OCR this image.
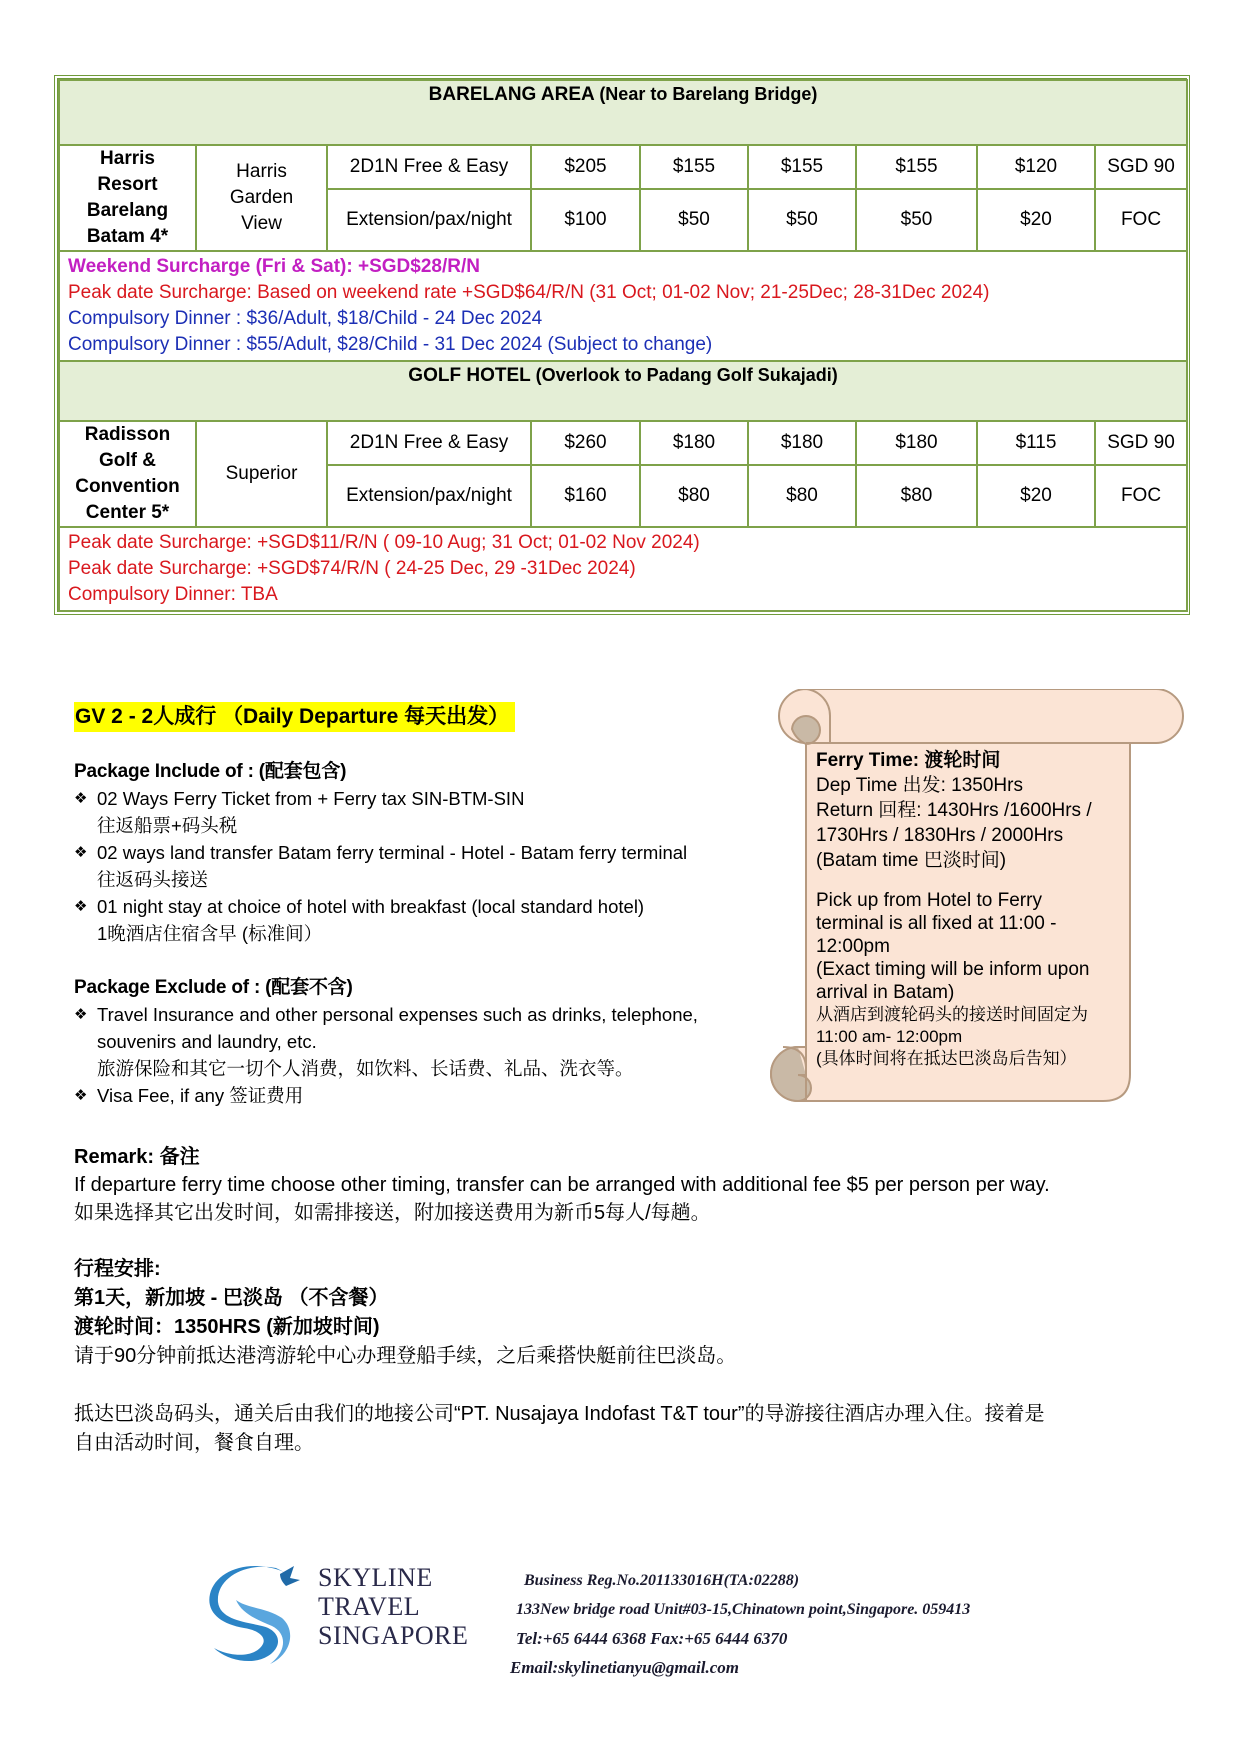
BARELANG AREA (Near to Barelang Bridge)								
Harris
Resort
Barelang
Batam 4*	Harris
Garden
View	2D1N Free & Easy	$205	$155	$155	$155	$120	SGD 90
		Extension/pax/night	$100	$50	$50	$50	$20	FOC

Weekend Surcharge (Fri & Sat): +SGD$28/R/N
Peak date Surcharge: Based on weekend rate +SGD$64/R/N (31 Oct; 01-02 Nov; 21-25Dec; 28-31Dec 2024)
Compulsory Dinner : $36/Adult, $18/Child - 24 Dec 2024
Compulsory Dinner : $55/Adult, $28/Child - 31 Dec 2024 (Subject to change)								

GOLF HOTEL (Overlook to Padang Golf Sukajadi)								
Radisson
Golf &
Convention
Center 5*	Superior	2D1N Free & Easy	$260	$180	$180	$180	$115	SGD 90
		Extension/pax/night	$160	$80	$80	$80	$20	FOC

Peak date Surcharge: +SGD$11/R/N ( 09-10 Aug; 31 Oct; 01-02 Nov 2024)
Peak date Surcharge: +SGD$74/R/N ( 24-25 Dec, 29 -31Dec 2024)
Compulsory Dinner: TBA								
GV 2 - 2人成行 （Daily Departure 每天出发）
Package Include of : (配套包含)
❖ 02 Ways Ferry Ticket from + Ferry tax SIN-BTM-SIN
往返船票+码头税
❖ 02 ways land transfer Batam ferry terminal - Hotel - Batam ferry terminal
往返码头接送
❖ 01 night stay at choice of hotel with breakfast (local standard hotel)
1晚酒店住宿含早 (标准间）
Package Exclude of : (配套不含)
❖ Travel Insurance and other personal expenses such as drinks, telephone,
souvenirs and laundry, etc.
旅游保险和其它一切个人消费，如饮料、长话费、礼品、洗衣等。
❖ Visa Fee, if any 签证费用
Ferry Time: 渡轮时间
Dep Time 出发: 1350Hrs
Return 回程: 1430Hrs /1600Hrs /
1730Hrs / 1830Hrs / 2000Hrs
(Batam time 巴淡时间)
Pick up from Hotel to Ferry
terminal is all fixed at 11:00 -
12:00pm
(Exact timing will be inform upon
arrival in Batam)
从酒店到渡轮码头的接送时间固定为
11:00 am- 12:00pm
(具体时间将在抵达巴淡岛后告知）
Remark: 备注
If departure ferry time choose other timing, transfer can be arranged with additional fee $5 per person per way.
如果选择其它出发时间，如需排接送，附加接送费用为新币5每人/每趟。
行程安排:
第1天，新加坡 - 巴淡岛 （不含餐）
渡轮时间：1350HRS (新加坡时间)
请于90分钟前抵达港湾游轮中心办理登船手续，之后乘搭快艇前往巴淡岛。
抵达巴淡岛码头，通关后由我们的地接公司“PT. Nusajaya Indofast T&T tour”的导游接往酒店办理入住。接着是
自由活动时间，餐食自理。
SKYLINE
TRAVEL
SINGAPORE
Business Reg.No.201133016H(TA:02288)
133New bridge road Unit#03-15,Chinatown point,Singapore. 059413
Tel:+65 6444 6368 Fax:+65 6444 6370
Email:skylinetianyu@gmail.com
